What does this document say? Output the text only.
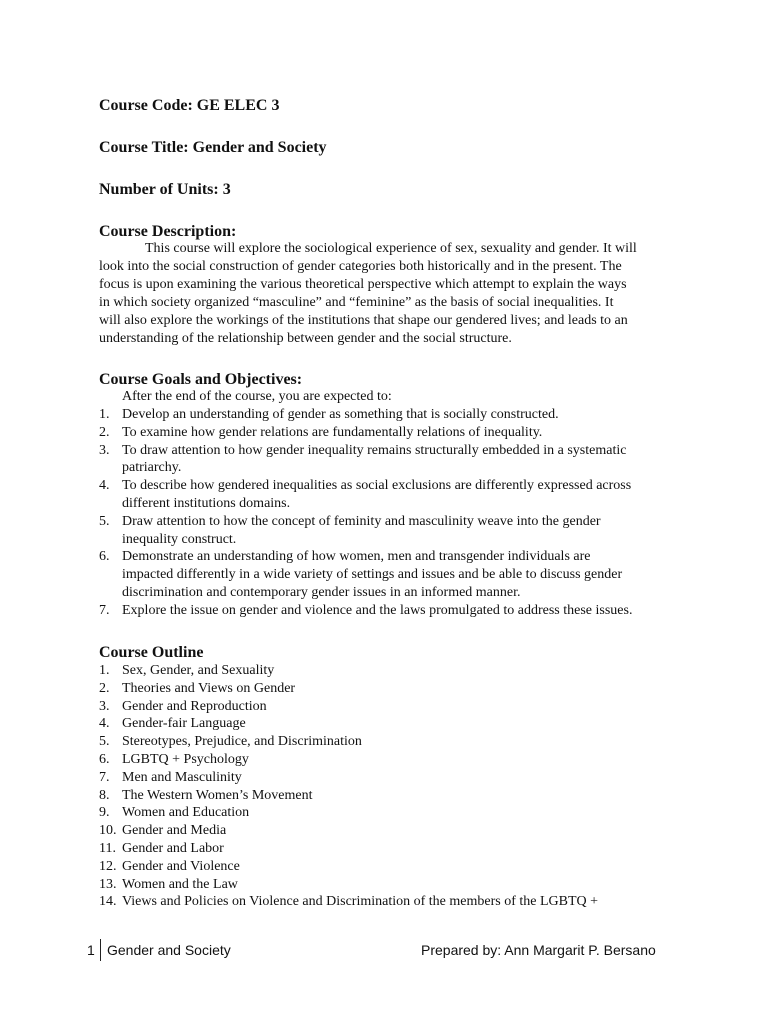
Course Code: GE ELEC 3
Course Title: Gender and Society
Number of Units: 3
Course Description:
This course will explore the sociological experience of sex, sexuality and gender. It will
look into the social construction of gender categories both historically and in the present. The
focus is upon examining the various theoretical perspective which attempt to explain the ways
in which society organized “masculine” and “feminine” as the basis of social inequalities. It
will also explore the workings of the institutions that shape our gendered lives; and leads to an
understanding of the relationship between gender and the social structure.
Course Goals and Objectives:
After the end of the course, you are expected to:
1. Develop an understanding of gender as something that is socially constructed.
2. To examine how gender relations are fundamentally relations of inequality.
3. To draw attention to how gender inequality remains structurally embedded in a systematic
patriarchy.
4. To describe how gendered inequalities as social exclusions are differently expressed across
different institutions domains.
5. Draw attention to how the concept of feminity and masculinity weave into the gender
inequality construct.
6. Demonstrate an understanding of how women, men and transgender individuals are
impacted differently in a wide variety of settings and issues and be able to discuss gender
discrimination and contemporary gender issues in an informed manner.
7. Explore the issue on gender and violence and the laws promulgated to address these issues.
Course Outline
1. Sex, Gender, and Sexuality
2. Theories and Views on Gender
3. Gender and Reproduction
4. Gender-fair Language
5. Stereotypes, Prejudice, and Discrimination
6. LGBTQ + Psychology
7. Men and Masculinity
8. The Western Women’s Movement
9. Women and Education
10. Gender and Media
11. Gender and Labor
12. Gender and Violence
13. Women and the Law
14. Views and Policies on Violence and Discrimination of the members of the LGBTQ +
1 Gender and Society	Prepared by: Ann Margarit P. Bersano
